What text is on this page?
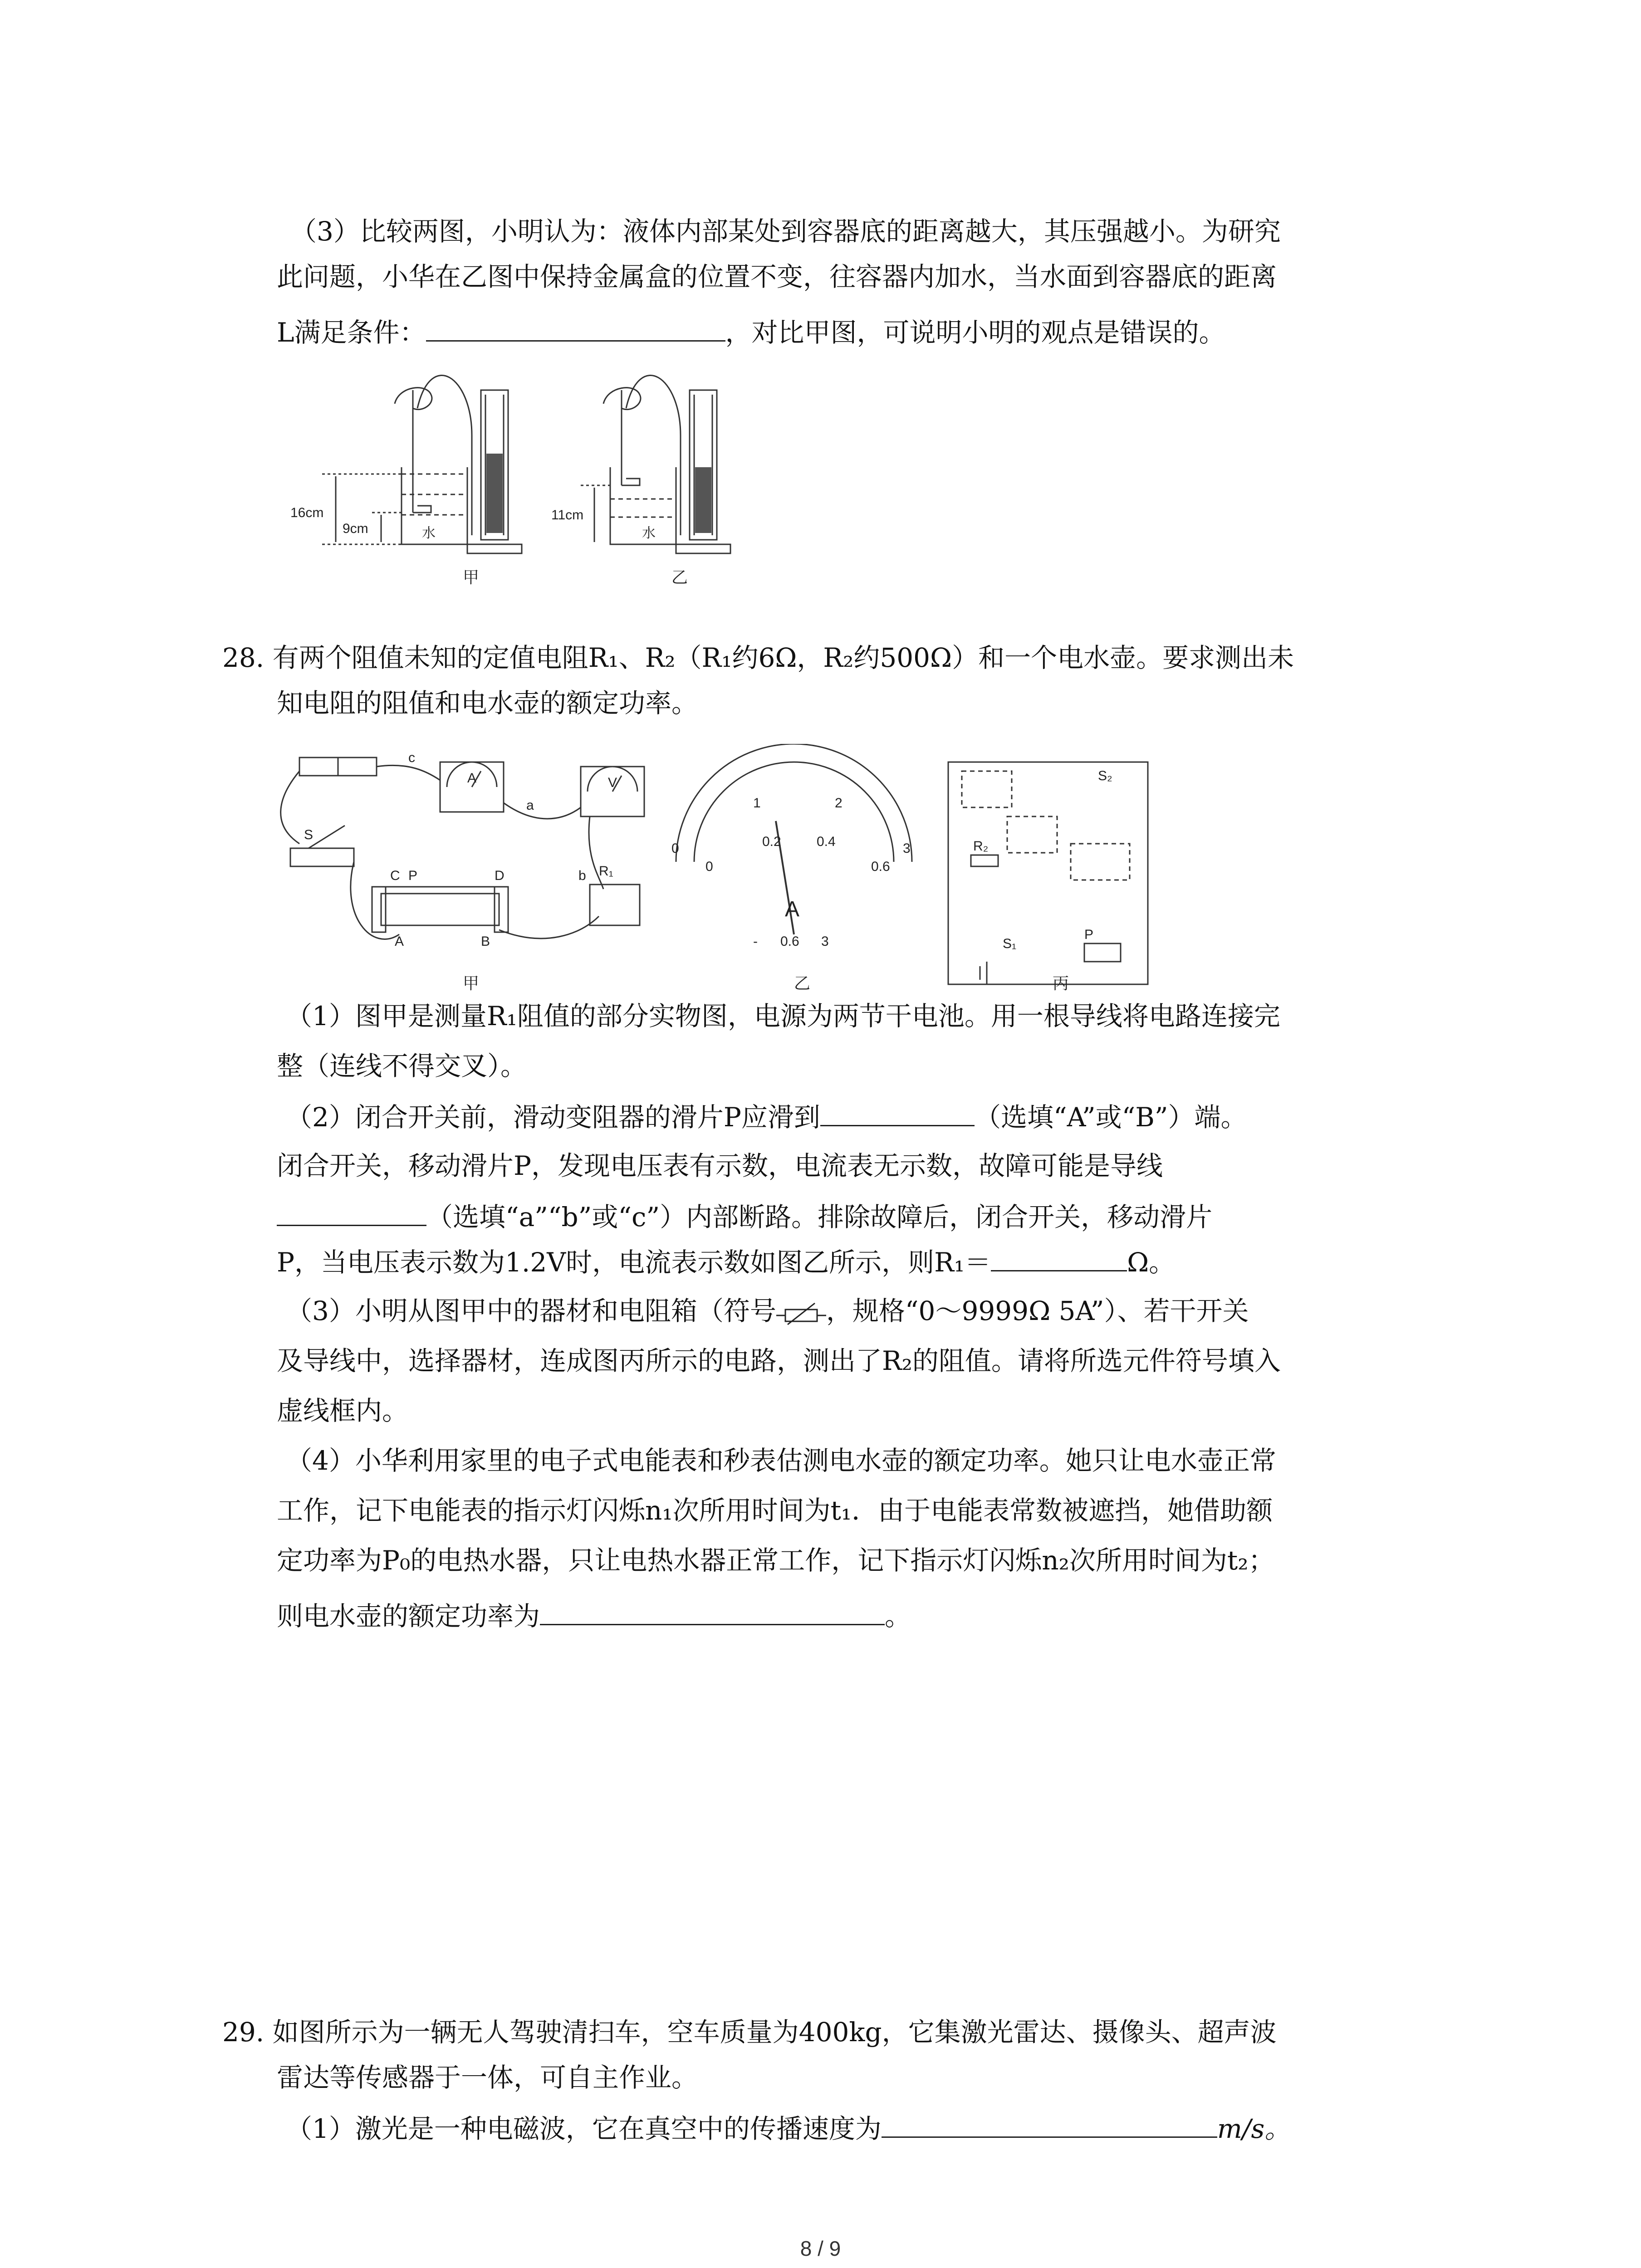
（3）比较两图，小明认为：液体内部某处到容器底的距离越大，其压强越小。为研究
此问题，小华在乙图中保持金属盒的位置不变，往容器内加水，当水面到容器底的距离
L满足条件：	，对比甲图，可说明小明的观点是错误的。
16cm
9cm
11cm
水	水
甲	乙
28. 有两个阻值未知的定值电阻R₁、R₂（R₁约6Ω，R₂约500Ω）和一个电水壶。要求测出未
知电阻的阻值和电水壶的额定功率。
S
C P	D
A	B
a
b
c
R₁
A	V
0
1	2
3
0
0.2	0.4
0.6
A
- 0.6 3
S₂
R₂
S₁
P
甲	乙	丙
（1）图甲是测量R₁阻值的部分实物图，电源为两节干电池。用一根导线将电路连接完
整（连线不得交叉）。
（2）闭合开关前，滑动变阻器的滑片P应滑到	（选填“A”或“B”）端。
闭合开关，移动滑片P，发现电压表有示数，电流表无示数，故障可能是导线
（选填“a”“b”或“c”）内部断路。排除故障后，闭合开关，移动滑片
P，当电压表示数为1.2V时，电流表示数如图乙所示，则R₁＝	Ω。
（3）小明从图甲中的器材和电阻箱（符号 ，规格“0～9999Ω 5A”）、若干开关
及导线中，选择器材，连成图丙所示的电路，测出了R₂的阻值。请将所选元件符号填入
虚线框内。
（4）小华利用家里的电子式电能表和秒表估测电水壶的额定功率。她只让电水壶正常
工作，记下电能表的指示灯闪烁n₁次所用时间为t₁．由于电能表常数被遮挡，她借助额
定功率为P₀的电热水器，只让电热水器正常工作，记下指示灯闪烁n₂次所用时间为t₂；
则电水壶的额定功率为	。
29. 如图所示为一辆无人驾驶清扫车，空车质量为400kg，它集激光雷达、摄像头、超声波
雷达等传感器于一体，可自主作业。
（1）激光是一种电磁波，它在真空中的传播速度为	m/s。
8 / 9
